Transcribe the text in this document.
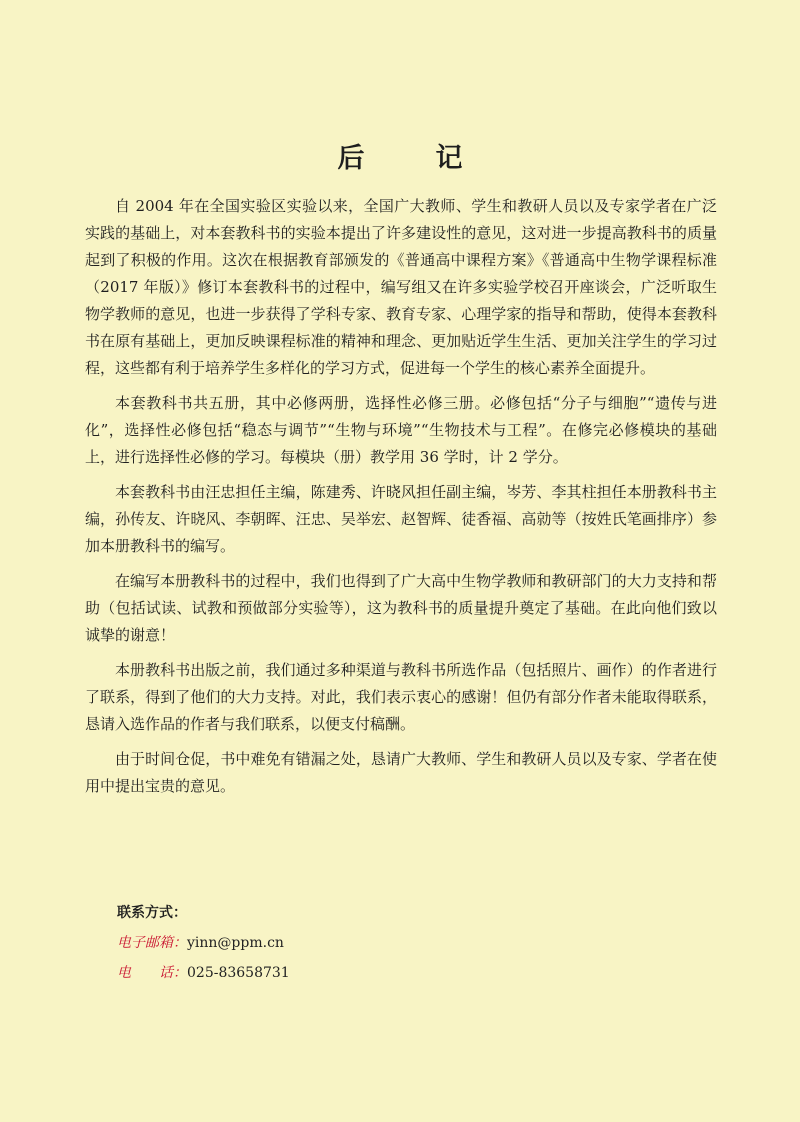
后　记

自 2004 年在全国实验区实验以来，全国广大教师、学生和教研人员以及专家学者在广泛实践的基础上，对本套教科书的实验本提出了许多建设性的意见，这对进一步提高教科书的质量起到了积极的作用。这次在根据教育部颁发的《普通高中课程方案》《普通高中生物学课程标准（2017 年版）》修订本套教科书的过程中，编写组又在许多实验学校召开座谈会，广泛听取生物学教师的意见，也进一步获得了学科专家、教育专家、心理学家的指导和帮助，使得本套教科书在原有基础上，更加反映课程标准的精神和理念、更加贴近学生生活、更加关注学生的学习过程，这些都有利于培养学生多样化的学习方式，促进每一个学生的核心素养全面提升。

本套教科书共五册，其中必修两册，选择性必修三册。必修包括“分子与细胞”“遗传与进化”，选择性必修包括“稳态与调节”“生物与环境”“生物技术与工程”。在修完必修模块的基础上，进行选择性必修的学习。每模块（册）教学用 36 学时，计 2 学分。

本套教科书由汪忠担任主编，陈建秀、许晓风担任副主编，岑芳、李其柱担任本册教科书主编，孙传友、许晓风、李朝晖、汪忠、吴举宏、赵智辉、徒香福、高勍等（按姓氏笔画排序）参加本册教科书的编写。

在编写本册教科书的过程中，我们也得到了广大高中生物学教师和教研部门的大力支持和帮助（包括试读、试教和预做部分实验等），这为教科书的质量提升奠定了基础。在此向他们致以诚挚的谢意！

本册教科书出版之前，我们通过多种渠道与教科书所选作品（包括照片、画作）的作者进行了联系，得到了他们的大力支持。对此，我们表示衷心的感谢！但仍有部分作者未能取得联系，恳请入选作品的作者与我们联系，以便支付稿酬。

由于时间仓促，书中难免有错漏之处，恳请广大教师、学生和教研人员以及专家、学者在使用中提出宝贵的意见。

联系方式：
电子邮箱：yinn@ppm.cn
电　　话：025-83658731
